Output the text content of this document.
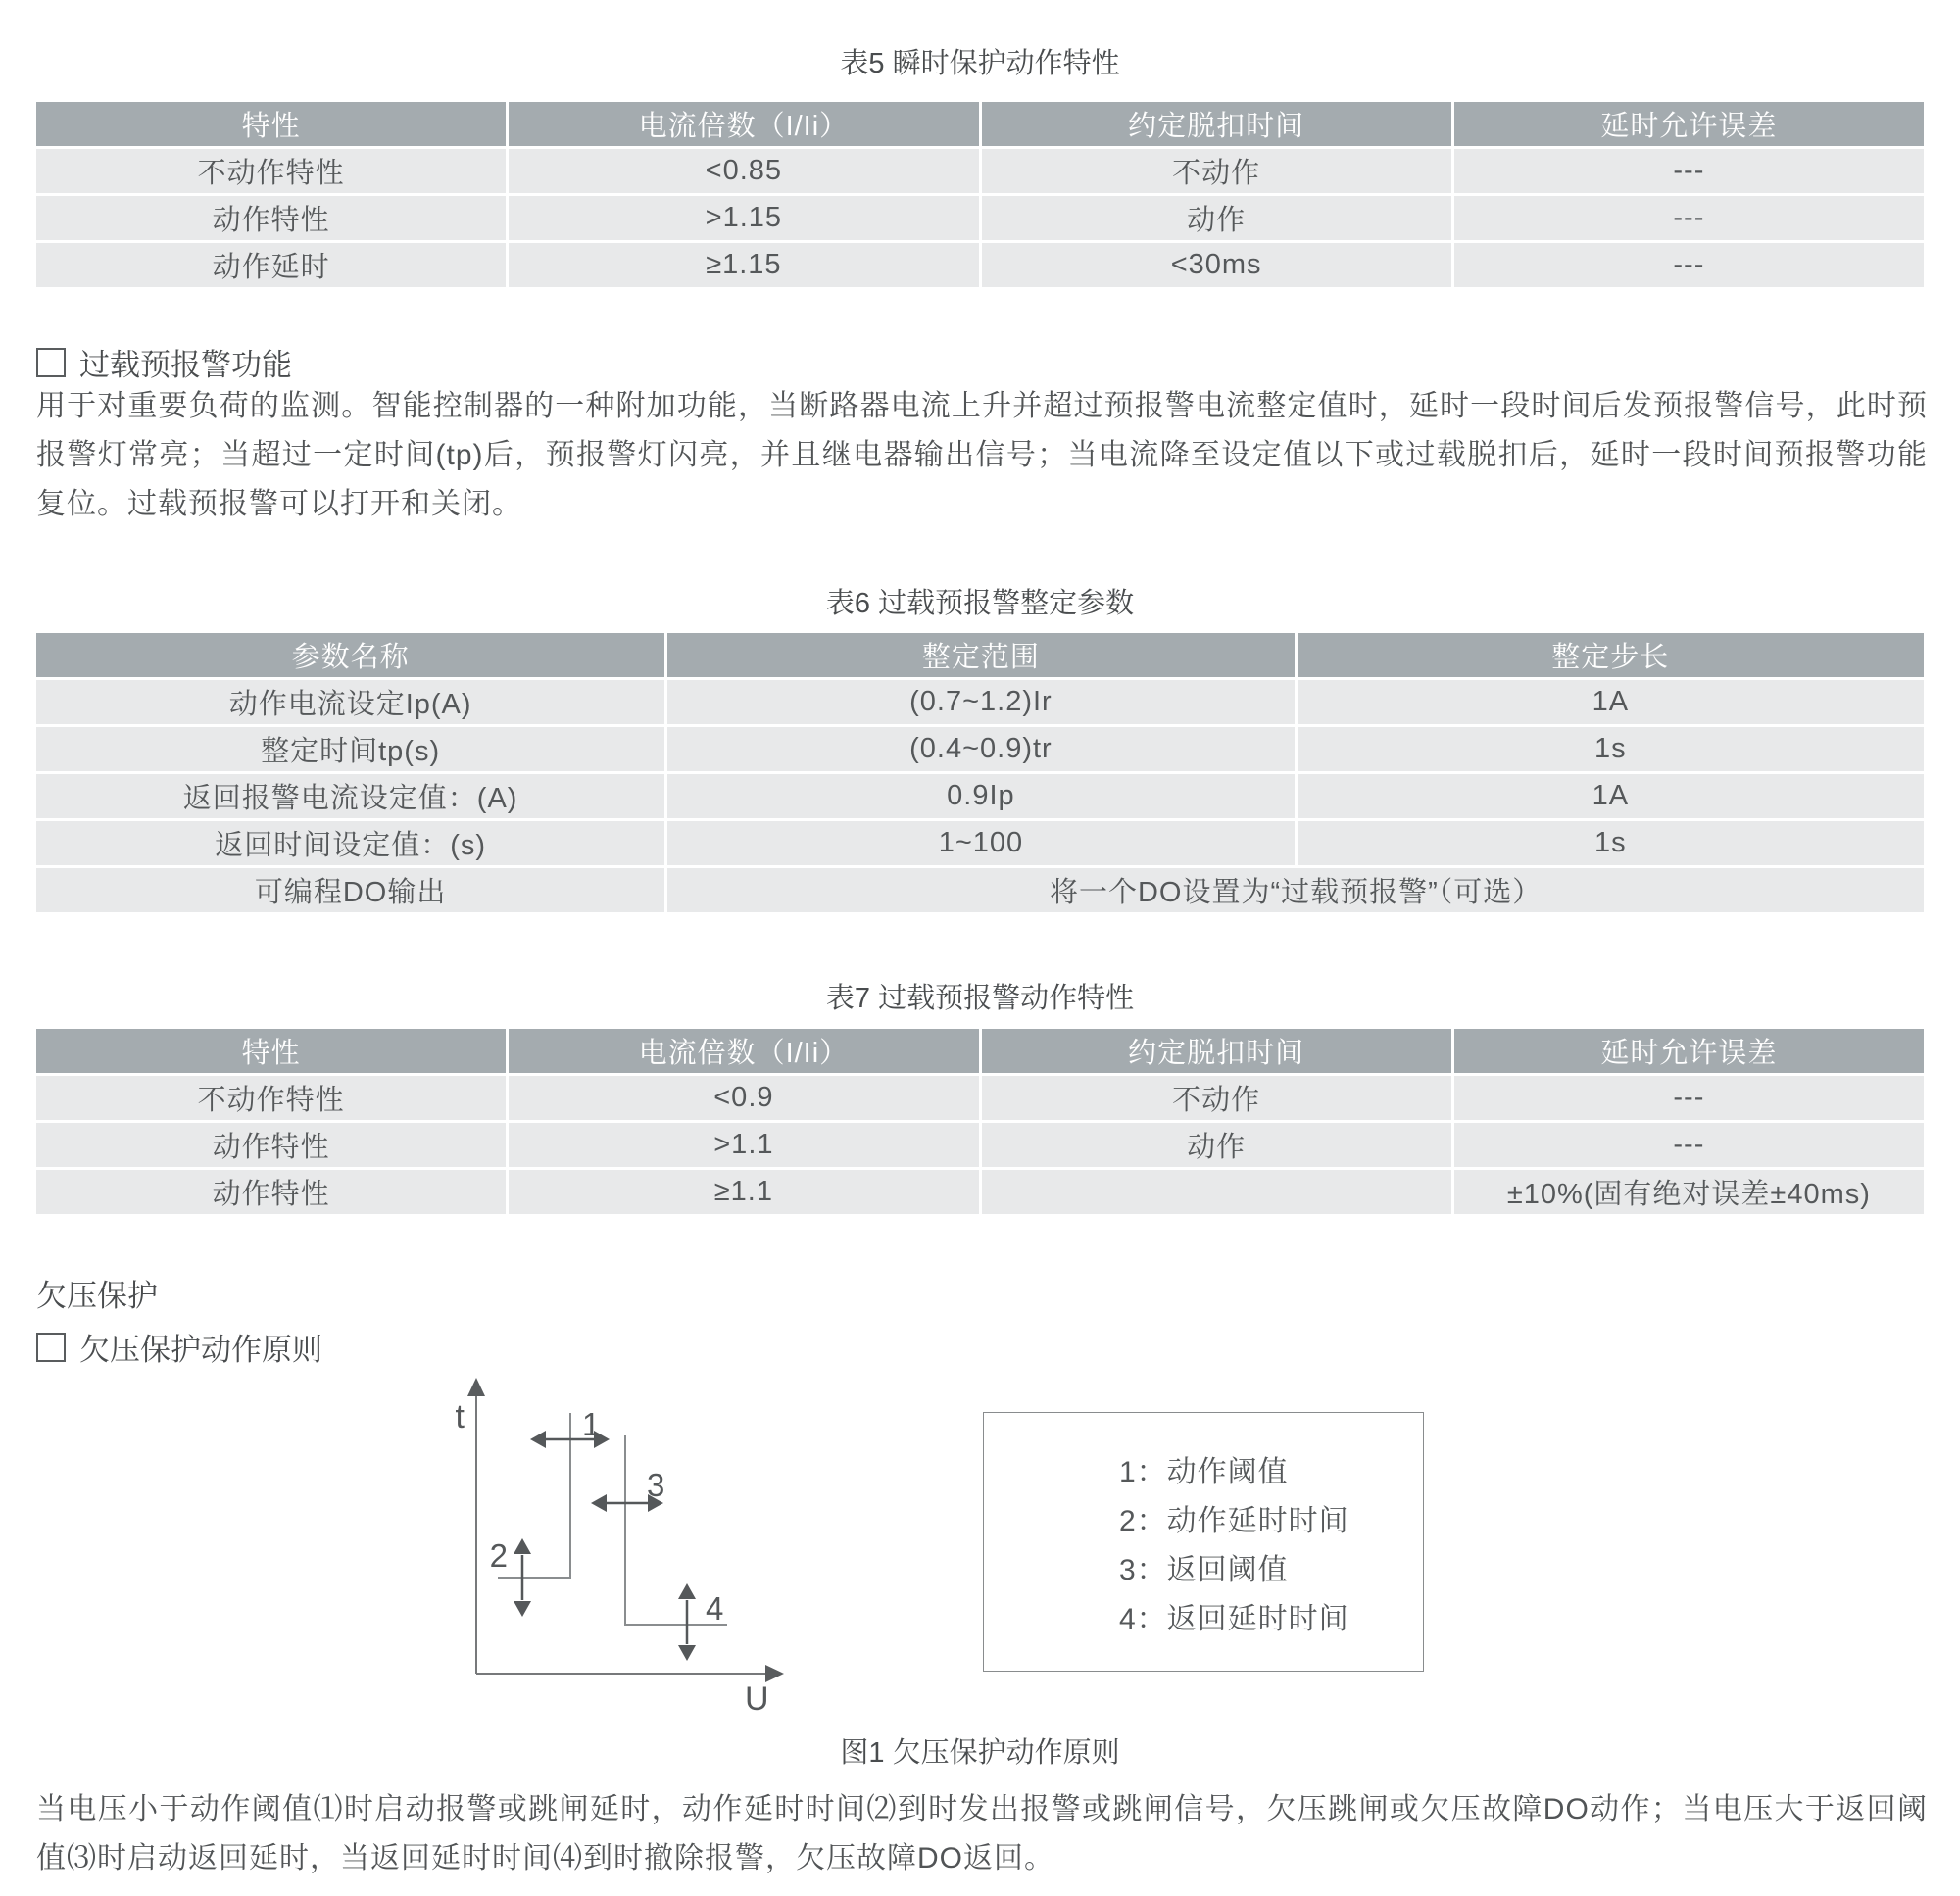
表5 瞬时保护动作特性
特性	电流倍数（I/Ii）	约定脱扣时间	延时允许误差
不动作特性	<0.85	不动作	---
动作特性	>1.15	动作	---
动作延时	≥1.15	<30ms	---
过载预报警功能
用于对重要负荷的监测。智能控制器的一种附加功能，当断路器电流上升并超过预报警电流整定值时，延时一段时间后发预报警信号，此时预报警灯常亮；当超过一定时间(tp)后，预报警灯闪亮，并且继电器输出信号；当电流降至设定值以下或过载脱扣后，延时一段时间预报警功能复位。过载预报警可以打开和关闭。
表6 过载预报警整定参数
参数名称	整定范围	整定步长
动作电流设定Ip(A)	(0.7~1.2)Ir	1A
整定时间tp(s)	(0.4~0.9)tr	1s
返回报警电流设定值：(A)	0.9Ip	1A
返回时间设定值：(s)	1~100	1s
可编程DO输出	将一个DO设置为“过载预报警”（可选）	
表7 过载预报警动作特性
特性	电流倍数（I/Ii）	约定脱扣时间	延时允许误差
不动作特性	<0.9	不动作	---
动作特性	>1.1	动作	---
动作特性	≥1.1		±10%(固有绝对误差±40ms)
欠压保护
欠压保护动作原则
t
U
1
3
2
4
1：动作阈值
2：动作延时时间
3：返回阈值
4：返回延时时间
图1 欠压保护动作原则
当电压小于动作阈值⑴时启动报警或跳闸延时，动作延时时间⑵到时发出报警或跳闸信号，欠压跳闸或欠压故障DO动作；当电压大于返回阈值⑶时启动返回延时，当返回延时时间⑷到时撤除报警，欠压故障DO返回。
